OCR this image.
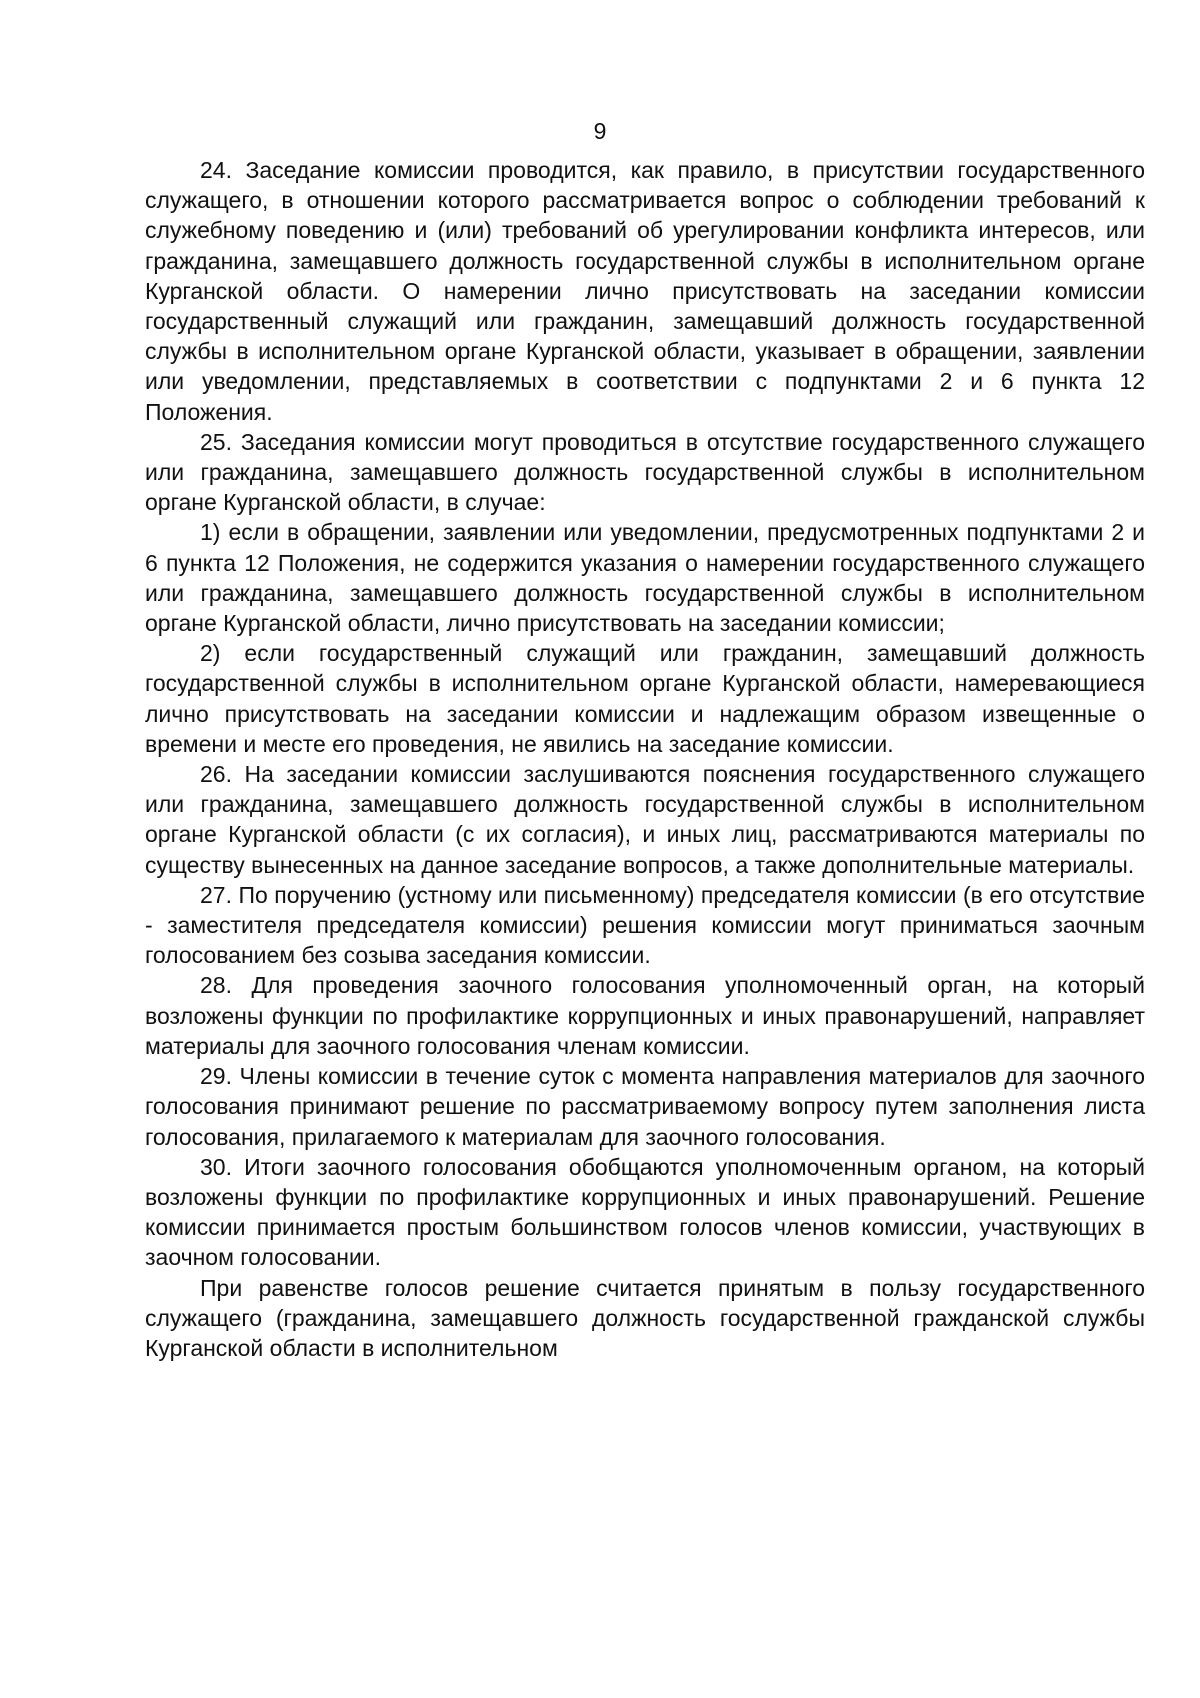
9

24. Заседание комиссии проводится, как правило, в присутствии государственного служащего, в отношении которого рассматривается вопрос о соблюдении требований к служебному поведению и (или) требований об урегулировании конфликта интересов, или гражданина, замещавшего должность государственной службы в исполнительном органе Курганской области. О намерении лично присутствовать на заседании комиссии государственный служащий или гражданин, замещавший должность государственной службы в исполнительном органе Курганской области, указывает в обращении, заявлении или уведомлении, представляемых в соответствии с подпунктами 2 и 6 пункта 12 Положения.

25. Заседания комиссии могут проводиться в отсутствие государственного служащего или гражданина, замещавшего должность государственной службы в исполнительном органе Курганской области, в случае:

1) если в обращении, заявлении или уведомлении, предусмотренных подпунктами 2 и 6 пункта 12 Положения, не содержится указания о намерении государственного служащего или гражданина, замещавшего должность государственной службы в исполнительном органе Курганской области, лично присутствовать на заседании комиссии;

2) если государственный служащий или гражданин, замещавший должность государственной службы в исполнительном органе Курганской области, намеревающиеся лично присутствовать на заседании комиссии и надлежащим образом извещенные о времени и месте его проведения, не явились на заседание комиссии.

26. На заседании комиссии заслушиваются пояснения государственного служащего или гражданина, замещавшего должность государственной службы в исполнительном органе Курганской области (с их согласия), и иных лиц, рассматриваются материалы по существу вынесенных на данное заседание вопросов, а также дополнительные материалы.

27. По поручению (устному или письменному) председателя комиссии (в его отсутствие - заместителя председателя комиссии) решения комиссии могут приниматься заочным голосованием без созыва заседания комиссии.

28. Для проведения заочного голосования уполномоченный орган, на который возложены функции по профилактике коррупционных и иных правонарушений, направляет материалы для заочного голосования членам комиссии.

29. Члены комиссии в течение суток с момента направления материалов для заочного голосования принимают решение по рассматриваемому вопросу путем заполнения листа голосования, прилагаемого к материалам для заочного голосования.

30. Итоги заочного голосования обобщаются уполномоченным органом, на который возложены функции по профилактике коррупционных и иных правонарушений. Решение комиссии принимается простым большинством голосов членов комиссии, участвующих в заочном голосовании.

При равенстве голосов решение считается принятым в пользу государственного служащего (гражданина, замещавшего должность государственной гражданской службы Курганской области в исполнительном
